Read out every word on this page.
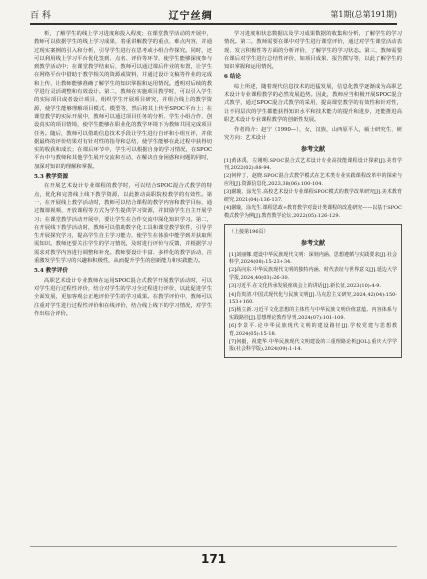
百 科	辽宁丝绸	第1期(总第191期)

析，了解学生的线上学习进度和投入程度；在课堂教学活动的开展中，教师可以依据学生的线上学习成果，着重讲解教学的重点、难点内容，并通过现实案例的引入和分析，引导学生进行在思考或小组合作探究。同时，还可以利用线上学习平台优化签到、点名、评价等环节，使学生能够深度参与到教学活动中；在课堂教学结束后，教师可以通过课后作业的布置，让学生在网络平台中借助于教学相关的资源或资料，并通过设计文稿等作业的完成和上传，让教师能够准确了解学生的知识掌握和运用情况。透明对后续的教学进行灵活调整和有效设计。第二，教师在实施项目教学时，可以引入学生的实际项目或者设计项目，组织学生开展项目研究，并组合线上的教学资源，使学生能够理解项目模式、模型等，然后将其上传至SPOC平台上；在课堂教学的实际开展中，教师可以通过项目任务的分析、学生小组合作、创设真实的项目情境，使学生能够在职业化的教学环境下为教师共同完成项目任务。随后，教师可以借助信息技术手段让学生进行自评和小组互评，并依据最终的评价结果对有针对性的指导和总结，使学生能够在此过程中获得切实的收获和成长；在课后环节中，学生可以根据自身的学习情况，在SPOC平台中与教师和其他学生展开交流和互动，在解决自身困惑和问题的同时，加深对知识的理解和掌握。

5.3 教学资源

在开展艺术设计专业课程的教学时，可以结合SPOC混合式教学的特点，优化和完善线上线下教学资源，以此推动高职院校教学的有效性。第一，在开展线上教学活动时，教师可以结合课程的教学内容和教学目标，通过微课视频、开放课程等方式为学生提供学习资源，并鼓励学生自主开展学习；在课堂教学活动开展中，要让学生在合作交流中深化知识学习。第二，在开展线下教学活动时，教师可以借助数字化工具和课堂教学软件，引导学生开展探究学习，提高学生自主学习能力，使学生在体验中能学到并获取所需知识。教师还要关注学生的学习情况，及时进行评价与反馈，并根据学习需求对教学内容进行调整和补充。教师要设计丰富、多样化的教学活动，注重激发学生学习的兴趣和积极性，从而提升学生的创新能力和实践能力。

5.4 教学评价

高职艺术设计专业教师在运用SPOC混合式教学开展教学活动时，可以对学生进行过程性评价，结合对学生的学习全过程进行评价，以此促进学生全面发展，更加客观公正地评价学生的学习成果。在教学评价中，教师可以注重对学生进行过程性评价和在线评价，结合线上线下的学习情况，对学生作出综合评价。

学习进度和状态数据以及学习成果数据的收集和分析，了解学生的学习情况。第二，教师需要在课中对学生进行课堂评价，通过对学生课堂活动表现、发言积极性等方面的分析评价，了解学生的学习状态。第三，教师需要在课后对学生进行总结性评价，如项目成果、报告撰写等，以此了解学生的知识掌握和运用情况。

6 结论

综上所述，随着现代信息技术的迅猛发展，信息化教学逐渐成为高职艺术设计专业课程教学的必然发展趋势。因此，教师应当积极开展SPOC混合式教学，通过SPOC混合式教学的采用，提高课堂教学的有效性和针对性，让不同层次的学生都能获得知识水平和技术能力的提升和进步，还能推进高职艺术设计专业课程教学的创新性发展。

作者简介：赵宁（1990—），女，汉族，山西原平人，硕士研究生，研究方向：艺术设计

参考文献
[1]黄沐禹，左刚明.SPOC混合式艺术设计专业高技能课程设计探索[J].美育学刊,2022(02):88-94.
[2]何梓丁，赵晓.SPOC混合式教学模式在艺术类专业实践课程改革中的探索与应用[J].资源信息化,2023,38(06):100-104.
[3]谢璇，涂光生.高校艺术设计专业课程SPOC模式的教学改革研究[J].美术教育研究,2021(04):136-137.
[4]谢璇，涂光生.课程思政+教育教学对设计类课程的改进研究——以基于SPOC模式教学为例[J].教育教学论坛,2022(05):126-129.
（上接第196页）
参考文献
[1]刘丽娜.建设中华民族现代文明：深刻内涵、思想遵循与实践要求[J].社会科学,2024(08):15-23+34.
[2]高向东.中华民族现代文明的独特内涵、时代表征与世界意义[J].延边大学学报,2024,40(03):26-30.
[3]习近平.在文化传承发展座谈会上的讲话[J].新长征,2023(10):4-9.
[4]肖贵清.中国式现代化与民族文明[J].马克思主义研究,2024,42(04):150-153+160.
[5]杨立新.习近平文化思想的主体性与中华民族文明价值意蕴、内容体系与实践路径[J].思想理论教育导刊,2024(07):101-109.
[6]李景平.论中华民族现代文明的建设路径[J].学校党建与思想教育,2024(05):15-18.
[7]何毅，祝建华.中华民族现代文明建设的三重理路论析[JOL].重庆大学学报(社会科学版),2024(09):1-14.
171
